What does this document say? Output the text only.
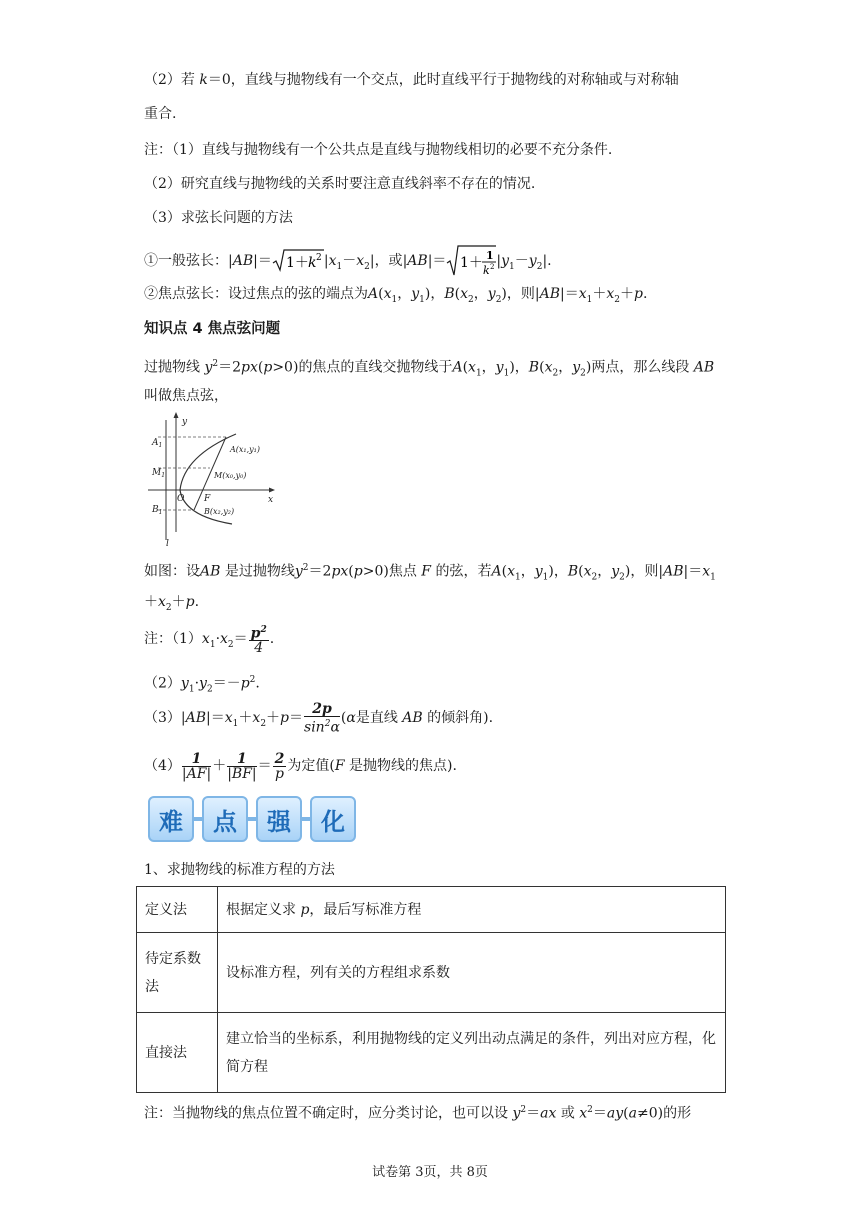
（2）若 k＝0，直线与抛物线有一个交点，此时直线平行于抛物线的对称轴或与对称轴
重合.
注：（1）直线与抛物线有一个公共点是直线与抛物线相切的必要不充分条件.
（2）研究直线与抛物线的关系时要注意直线斜率不存在的情况.
（3）求弦长问题的方法
①一般弦长：|AB|＝ 1＋ k 2 $|x_1-x_2|$，或|AB|＝ 1＋ 1
k 2 $|y_1-y_2|$.
②焦点弦长：设过焦点的弦的端点为$A(x_1$，$y_1$)，$B(x_2$，$y_2$)，则$|AB|=x_1+x_2+p$.
知识点 4 焦点弦问题
过抛物线 $y^2=2px(p>0)$的焦点的直线交抛物线于$A(x_1$，$y_1$)，$B(x_2$，$y_2$)两点，那么线段 AB
叫做焦点弦，
y
x
O F
l
$A_1$
$M_1$
$B_1$
A(x₁,y₁)
M(x₀,y₀)
B(x₂,y₂)
如图：设AB 是过抛物线$y^2=2px(p>0)$焦点 F 的弦，若$A(x_1$，$y_1$)，$B(x_2$，$y_2$)，则$|AB|=x_1$
$+x_2+p$.
注：$(1)x_1\cdot x_2= \frac{p^2}{4}$ .
$(2)y_1\cdot y_2=-p^2$.
$(3)|AB|=x_1+x_2+p= \frac{2p}{\sin^2\alpha} (\alpha$是直线 AB 的倾斜角).
$(4) \frac{1}{|AF|} + \frac{1}{|BF|} = \frac{2}{p}$ 为定值(F 是抛物线的焦点).
难	点	强	化
1、求抛物线的标准方程的方法
定义法	根据定义求 p，最后写标准方程
待定系数法	设标准方程，列有关的方程组求系数
直接法	建立恰当的坐标系，利用抛物线的定义列出动点满足的条件，列出对应方程，化简方程
注：当抛物线的焦点位置不确定时，应分类讨论，也可以设 $y^2=ax$ 或 $x^2=ay(a\ne 0)$的形
试卷第 3页，共 8页
